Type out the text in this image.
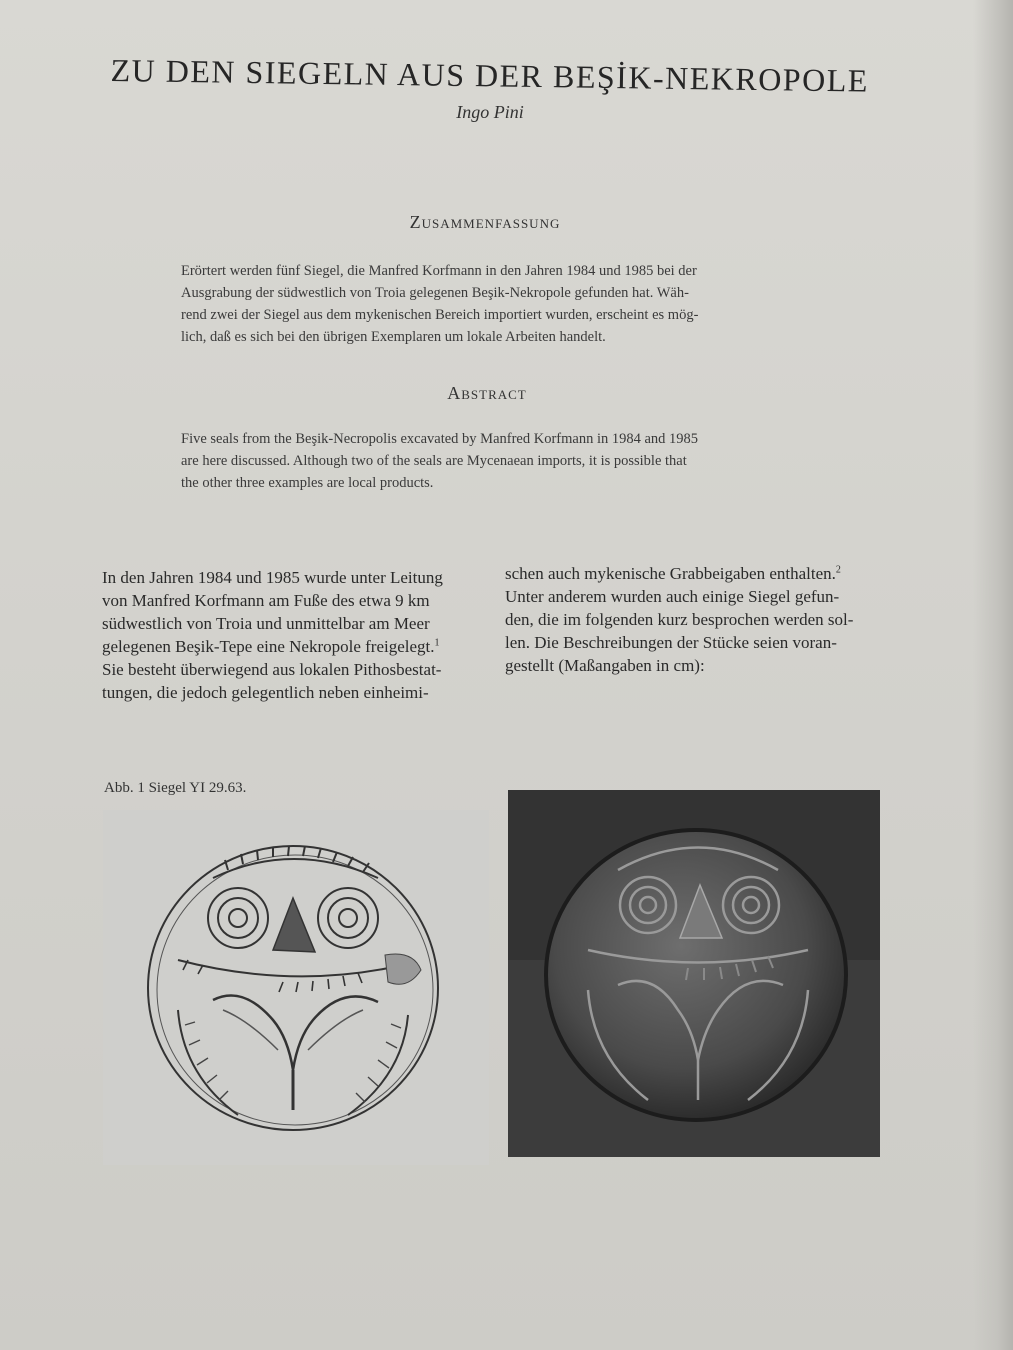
ZU DEN SIEGELN AUS DER BEŞİK-NEKROPOLE
Ingo Pini
Zusammenfassung
Erörtert werden fünf Siegel, die Manfred Korfmann in den Jahren 1984 und 1985 bei der
Ausgrabung der südwestlich von Troia gelegenen Beşik-Nekropole gefunden hat. Wäh-
rend zwei der Siegel aus dem mykenischen Bereich importiert wurden, erscheint es mög-
lich, daß es sich bei den übrigen Exemplaren um lokale Arbeiten handelt.
Abstract
Five seals from the Beşik-Necropolis excavated by Manfred Korfmann in 1984 and 1985
are here discussed. Although two of the seals are Mycenaean imports, it is possible that
the other three examples are local products.
In den Jahren 1984 und 1985 wurde unter Leitung
von Manfred Korfmann am Fuße des etwa 9 km
südwestlich von Troia und unmittelbar am Meer
gelegenen Beşik-Tepe eine Nekropole freigelegt.$^1$
Sie besteht überwiegend aus lokalen Pithosbestat-
tungen, die jedoch gelegentlich neben einheimi-
schen auch mykenische Grabbeigaben enthalten.$^2$
Unter anderem wurden auch einige Siegel gefun-
den, die im folgenden kurz besprochen werden sol-
len. Die Beschreibungen der Stücke seien voran-
gestellt (Maßangaben in cm):
Abb. 1 Siegel YI 29.63.
